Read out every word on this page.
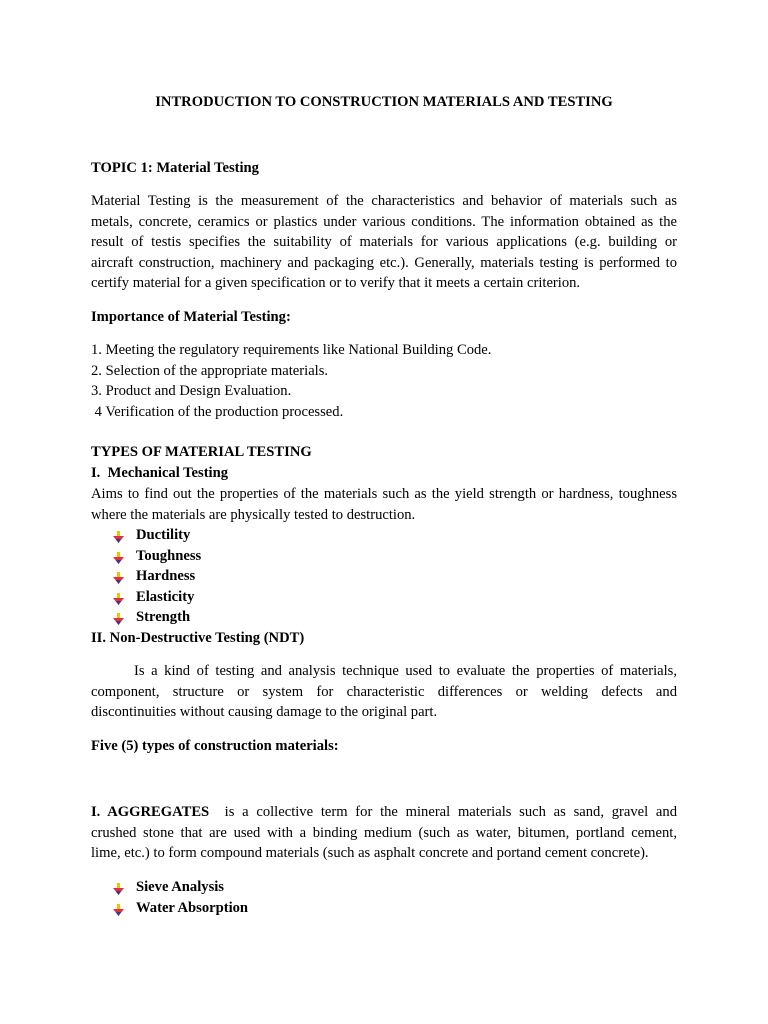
INTRODUCTION TO CONSTRUCTION MATERIALS AND TESTING

TOPIC 1: Material Testing

Material Testing is the measurement of the characteristics and behavior of materials such as
metals, concrete, ceramics or plastics under various conditions. The information obtained as the
result of testis specifies the suitability of materials for various applications (e.g. building or
aircraft construction, machinery and packaging etc.). Generally, materials testing is performed to
certify material for a given specification or to verify that it meets a certain criterion.

Importance of Material Testing:

1. Meeting the regulatory requirements like National Building Code.
2. Selection of the appropriate materials.
3. Product and Design Evaluation.
4 Verification of the production processed.

TYPES OF MATERIAL TESTING

I.  Mechanical Testing

Aims to find out the properties of the materials such as the yield strength or hardness, toughness
where the materials are physically tested to destruction.

Ductility
Toughness
Hardness
Elasticity
Strength

II. Non-Destructive Testing (NDT)

Is a kind of testing and analysis technique used to evaluate the properties of materials,
component, structure or system for characteristic differences or welding defects and
discontinuities without causing damage to the original part.

Five (5) types of construction materials:

I. AGGREGATES  is a collective term for the mineral materials such as sand, gravel and
crushed stone that are used with a binding medium (such as water, bitumen, portland cement,
lime, etc.) to form compound materials (such as asphalt concrete and portand cement concrete).

Sieve Analysis
Water Absorption
